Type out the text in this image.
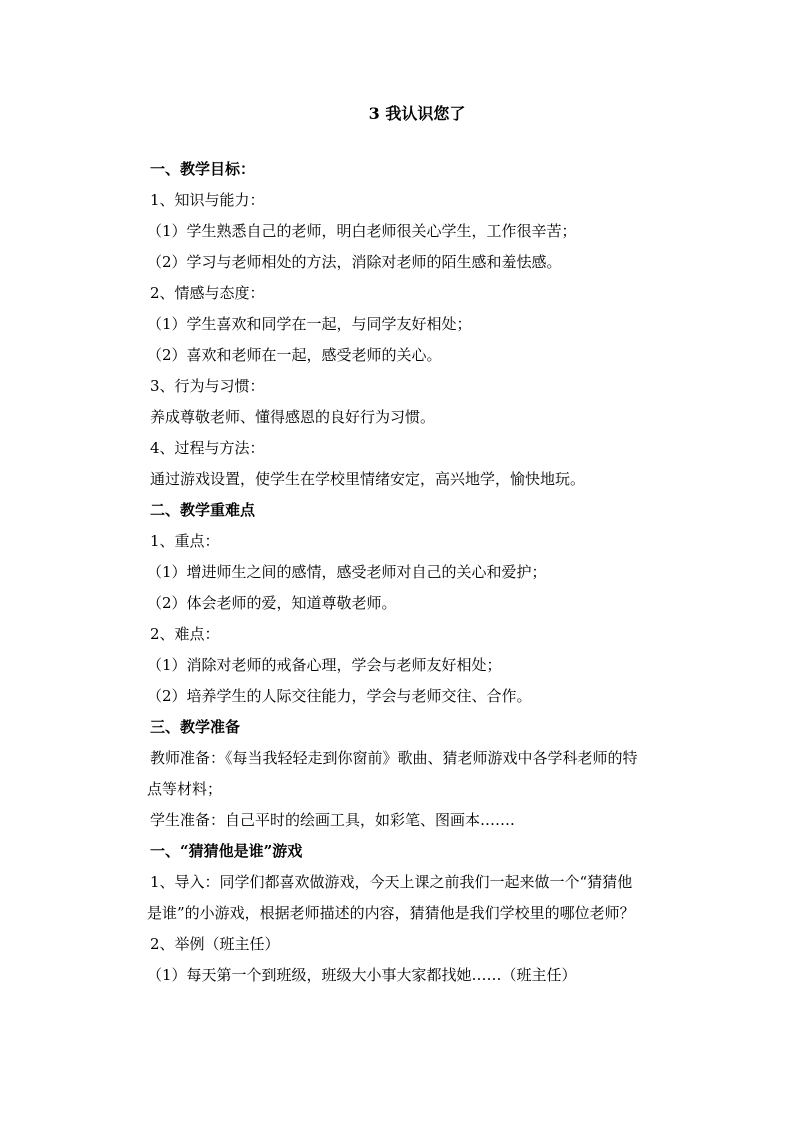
3 我认识您了
一、教学目标：
1、知识与能力：
（1）学生熟悉自己的老师，明白老师很关心学生，工作很辛苦；
（2）学习与老师相处的方法，消除对老师的陌生感和羞怯感。
2、情感与态度：
（1）学生喜欢和同学在一起，与同学友好相处；
（2）喜欢和老师在一起，感受老师的关心。
3、行为与习惯：
养成尊敬老师、懂得感恩的良好行为习惯。
4、过程与方法：
通过游戏设置，使学生在学校里情绪安定，高兴地学，愉快地玩。
二、教学重难点
1、重点：
（1）增进师生之间的感情，感受老师对自己的关心和爱护；
（2）体会老师的爱，知道尊敬老师。
2、难点：
（1）消除对老师的戒备心理，学会与老师友好相处；
（2）培养学生的人际交往能力，学会与老师交往、合作。
三、教学准备
教师准备：《每当我轻轻走到你窗前》歌曲、猜老师游戏中各学科老师的特
点等材料；
学生准备：自己平时的绘画工具，如彩笔、图画本…….
一、“猜猜他是谁”游戏
1、导入：同学们都喜欢做游戏，今天上课之前我们一起来做一个“猜猜他
是谁”的小游戏，根据老师描述的内容，猜猜他是我们学校里的哪位老师？
2、举例（班主任）
（1）每天第一个到班级，班级大小事大家都找她……（班主任）
